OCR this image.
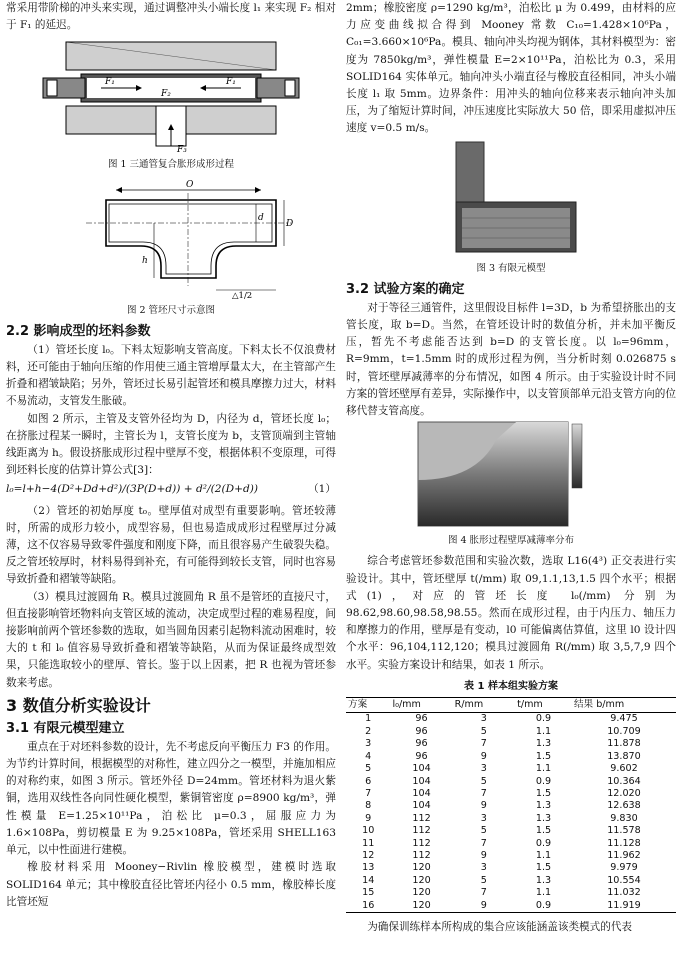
常采用带阶梯的冲头来实现，通过调整冲头小端长度 l₁ 来实现 F₂ 相对于 F₁ 的延迟。

F₁	F₁
F₂
F₃

图 1 三通管复合胀形成形过程

O
D
d
h
△1/2

图 2 管坯尺寸示意图

2.2 影响成型的坯料参数

（1）管坯长度 l₀。下料太短影响支管高度。下料太长不仅浪费材料，还可能由于轴向压缩的作用使三通主管增厚量太大，在主管部产生折叠和褶皱缺陷；另外，管坯过长易引起管坯和模具摩擦力过大，材料不易流动，支管发生胀破。

如图 2 所示，主管及支管外径均为 D，内径为 d，管坯长度 l₀；在挤胀过程某一瞬时，主管长为 l，支管长度为 b，支管顶端到主管轴线距离为 h。假设挤胀成形过程中壁厚不变，根据体积不变原理，可得到坯料长度的估算计算公式[3]：

l₀=l+h−4(D²+Dd+d²)/(3P(D+d)) + d²/(2(D+d))	（1）

（2）管坯的初始厚度 t₀。壁厚值对成型有重要影响。管坯较薄时，所需的成形力较小，成型容易，但也易造成成形过程壁厚过分减薄，这不仅容易导致零件强度和刚度下降，而且很容易产生破裂失稳。反之管坯较厚时，材料易得到补充，有可能得到较长支管，同时也容易导致折叠和褶皱等缺陷。

（3）模具过渡圆角 R。模具过渡圆角 R 虽不是管坯的直接尺寸，但直接影响管坯物料向支管区域的流动，决定成型过程的难易程度，间接影响前两个管坯参数的选取，如当圆角因素引起物料流动困难时，较大的 t 和 l₀ 值容易导致折叠和褶皱等缺陷，从而为保证最终成型效果，只能选取较小的壁厚、管长。鉴于以上因素，把 R 也视为管坯参数来考虑。

3 数值分析实验设计
3.1 有限元模型建立

重点在于对坯料参数的设计，先不考虑反向平衡压力 F3 的作用。为节约计算时间，根据模型的对称性，建立四分之一模型，并施加相应的对称约束，如图 3 所示。管坯外径 D=24mm。管坯材料为退火紫铜，选用双线性各向同性硬化模型，紫铜管密度 ρ=8900 kg/m³，弹性模量 E=1.25×10¹¹Pa，泊松比 μ=0.3，屈服应力为 1.6×108Pa，剪切模量 E 为 9.25×108Pa，管坯采用 SHELL163 单元，以中性面进行建模。

橡胶材料采用 Mooney−Rivlin 橡胶模型，建模时选取 SOLID164 单元；其中橡胶直径比管坯内径小 0.5 mm，橡胶棒长度比管坯短

2mm；橡胶密度 ρ=1290 kg/m³，泊松比 μ 为 0.499，由材料的应力应变曲线拟合得到 Mooney 常数 C₁₀=1.428×10⁶Pa，C₀₁=3.660×10⁶Pa。模具、轴向冲头均视为钢体，其材料模型为：密度为 7850kg/m³，弹性模量 E=2×10¹¹Pa，泊松比为 0.3，采用 SOLID164 实体单元。轴向冲头小端直径与橡胶直径相同，冲头小端长度 l₁ 取 5mm。边界条件：用冲头的轴向位移来表示轴向冲头加压，为了缩短计算时间，冲压速度比实际放大 50 倍，即采用虚拟冲压速度 v=0.5 m/s。

图 3 有限元模型

3.2 试验方案的确定

对于等径三通管件，这里假设目标件 l=3D，b 为希望挤胀出的支管长度，取 b=D。当然，在管坯设计时的数值分析，并未加平衡反压，暂先不考虑能否达到 b=D 的支管长度。以 l₀=96mm，R=9mm，t=1.5mm 时的成形过程为例，当分析时刻 0.026875 s 时，管坯壁厚减薄率的分布情况，如图 4 所示。由于实验设计时不同方案的管坯壁厚有差异，实际操作中，以支管顶部单元沿支管方向的位移代替支管高度。

图 4 胀形过程壁厚减薄率分布

综合考虑管坯参数范围和实验次数，选取 L16(4³) 正交表进行实验设计。其中，管坯壁厚 t(/mm) 取 09,1.1,13,1.5 四个水平；根据式(1)，对应的管坯长度 l₀(/mm) 分别为 98.62,98.60,98.58,98.55。然而在成形过程，由于内压力、轴压力和摩擦力的作用，壁厚是有变动，l0 可能偏离估算值，这里 l0 设计四个水平：96,104,112,120；模具过渡圆角 R(/mm) 取 3,5,7,9 四个水平。实验方案设计和结果，如表 1 所示。

表 1 样本组实验方案
方案	l₀/mm	R/mm	t/mm	结果 b/mm
1	96	3	0.9	9.475
2	96	5	1.1	10.709
3	96	7	1.3	11.878
4	96	9	1.5	13.870
5	104	3	1.1	9.602
6	104	5	0.9	10.364
7	104	7	1.5	12.020
8	104	9	1.3	12.638
9	112	3	1.3	9.830
10	112	5	1.5	11.578
11	112	7	0.9	11.128
12	112	9	1.1	11.962
13	120	3	1.5	9.979
14	120	5	1.3	10.554
15	120	7	1.1	11.032
16	120	9	0.9	11.919

为确保训练样本所构成的集合应该能涵盖该类模式的代表
